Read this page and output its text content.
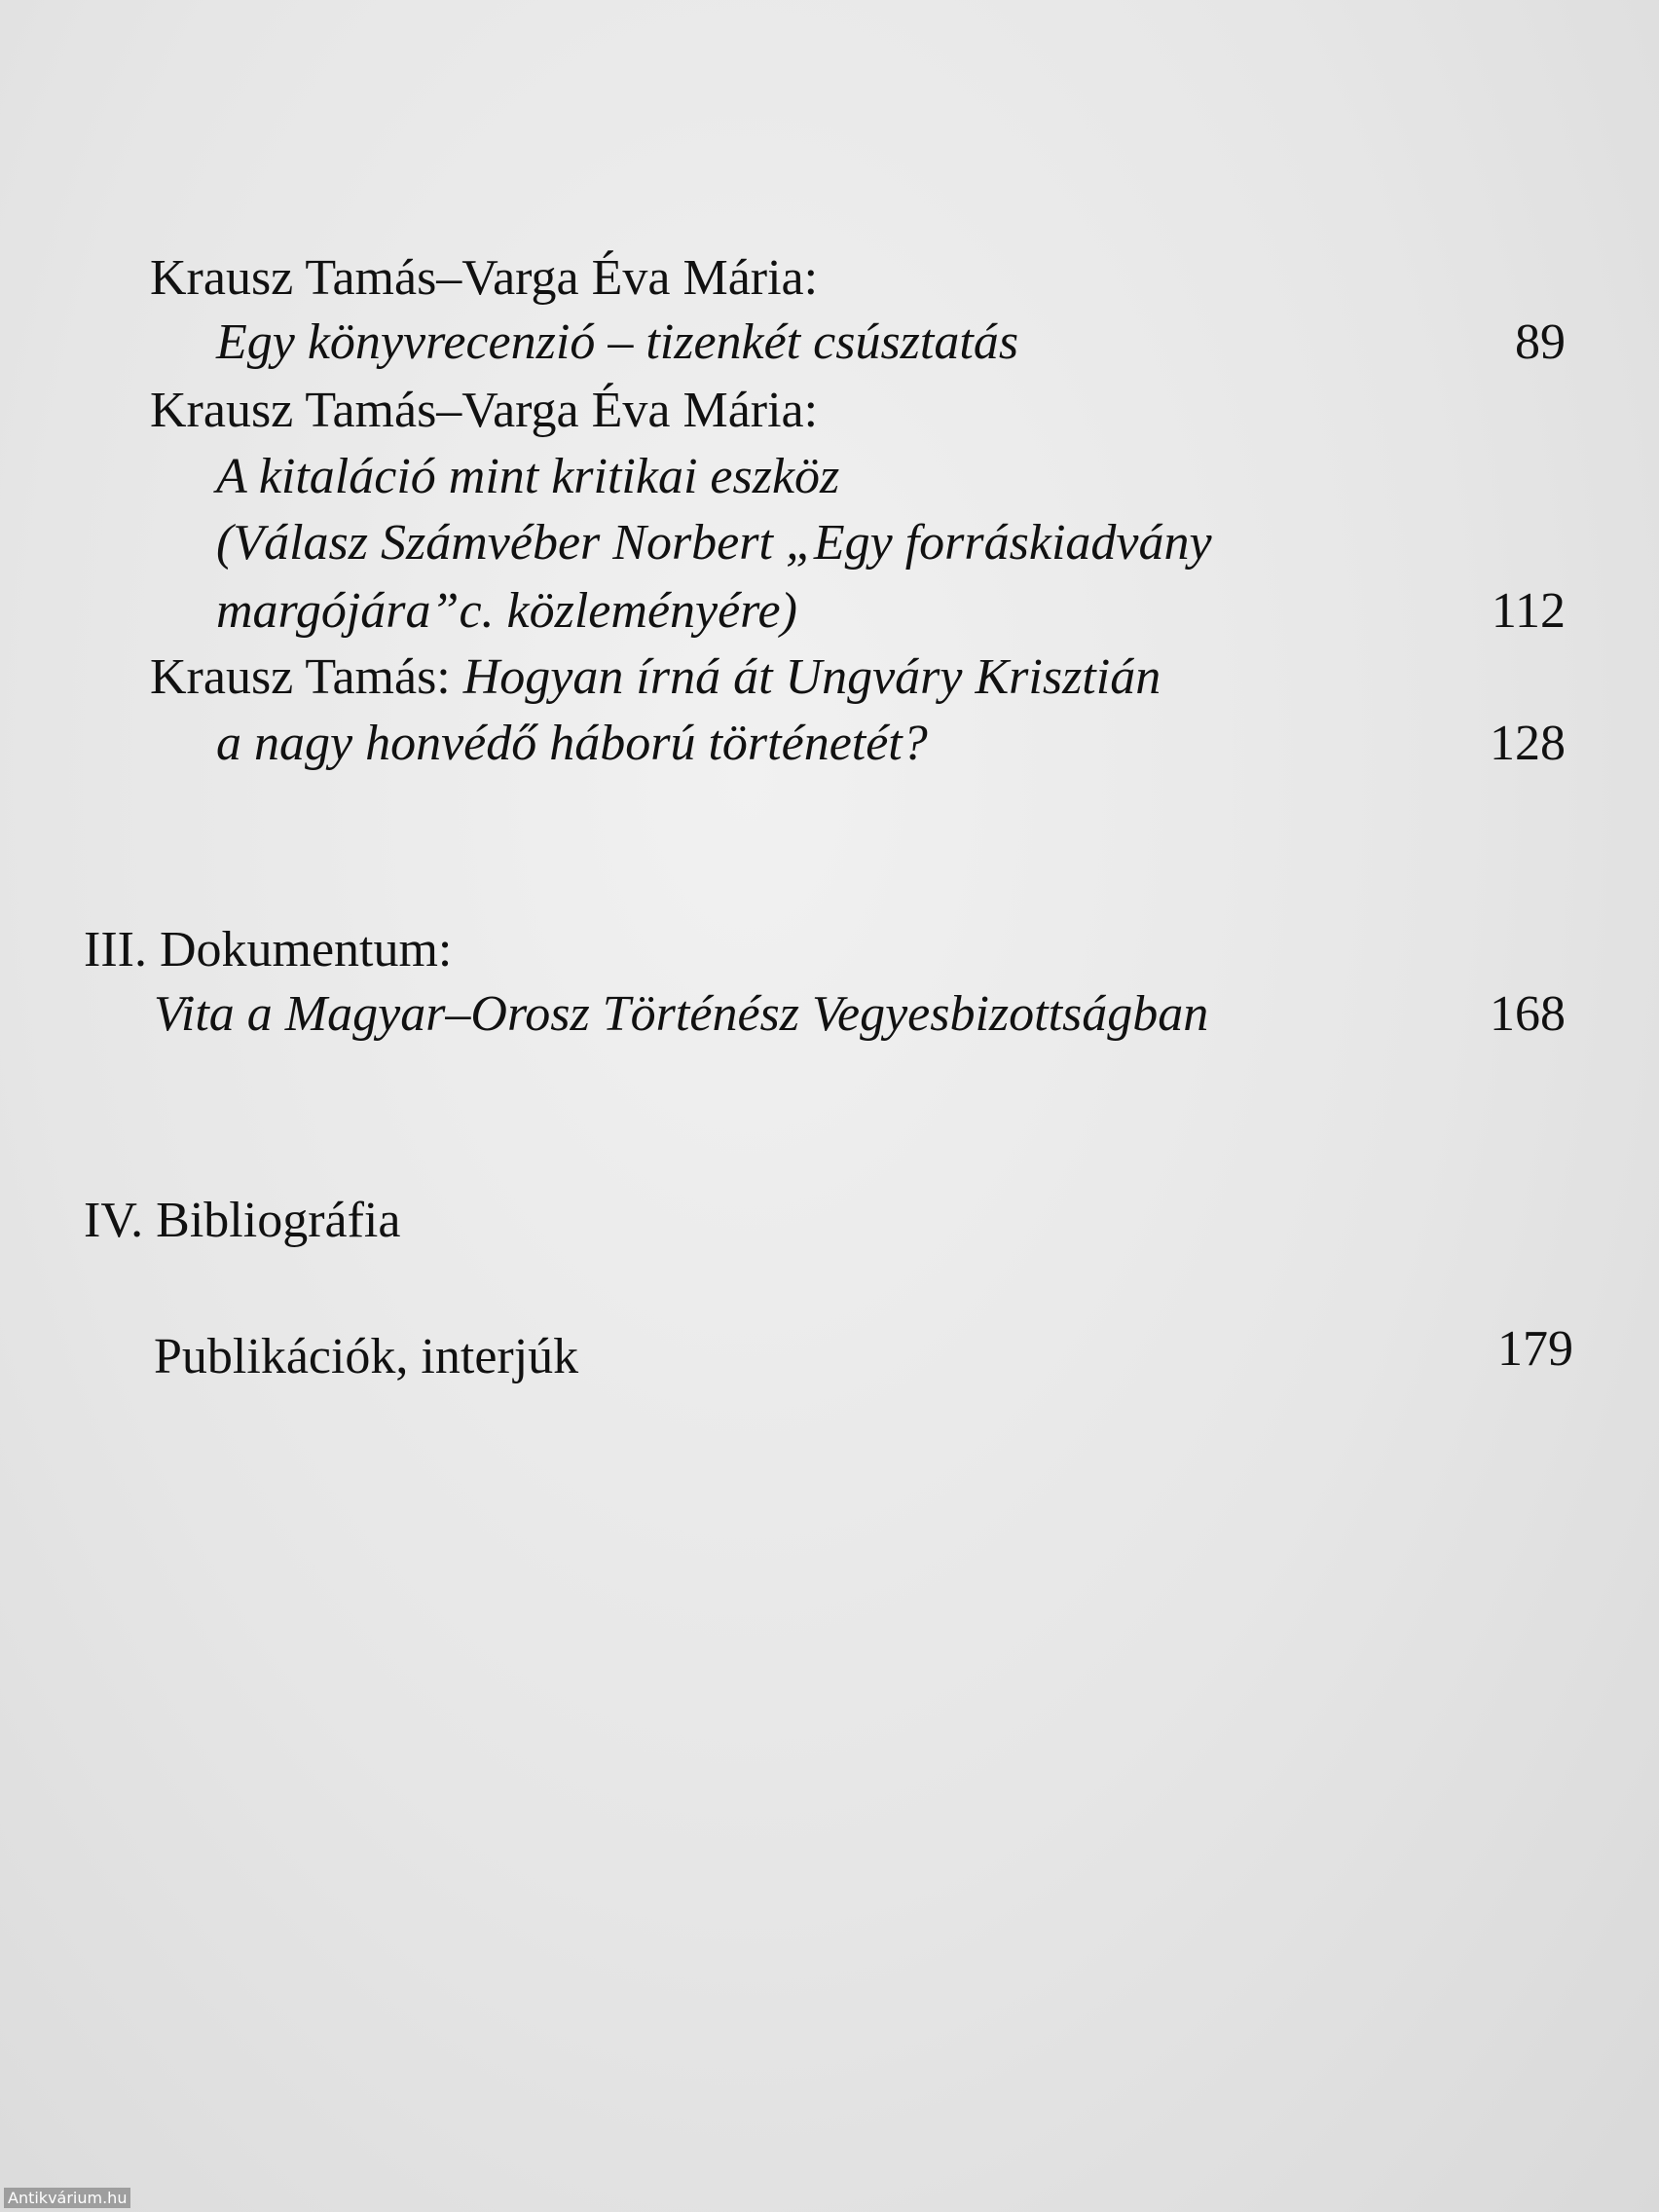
Krausz Tamás–Varga Éva Mária:
Egy könyvrecenzió – tizenkét csúsztatás	89
Krausz Tamás–Varga Éva Mária:
A kitaláció mint kritikai eszköz
(Válasz Számvéber Norbert „Egy forráskiadvány
margójára”c. közleményére)	112
Krausz Tamás: Hogyan írná át Ungváry Krisztián
a nagy honvédő háború történetét?	128
III. Dokumentum:
Vita a Magyar–Orosz Történész Vegyesbizottságban	168
IV. Bibliográfia
Publikációk, interjúk	179
Antikvárium.hu
